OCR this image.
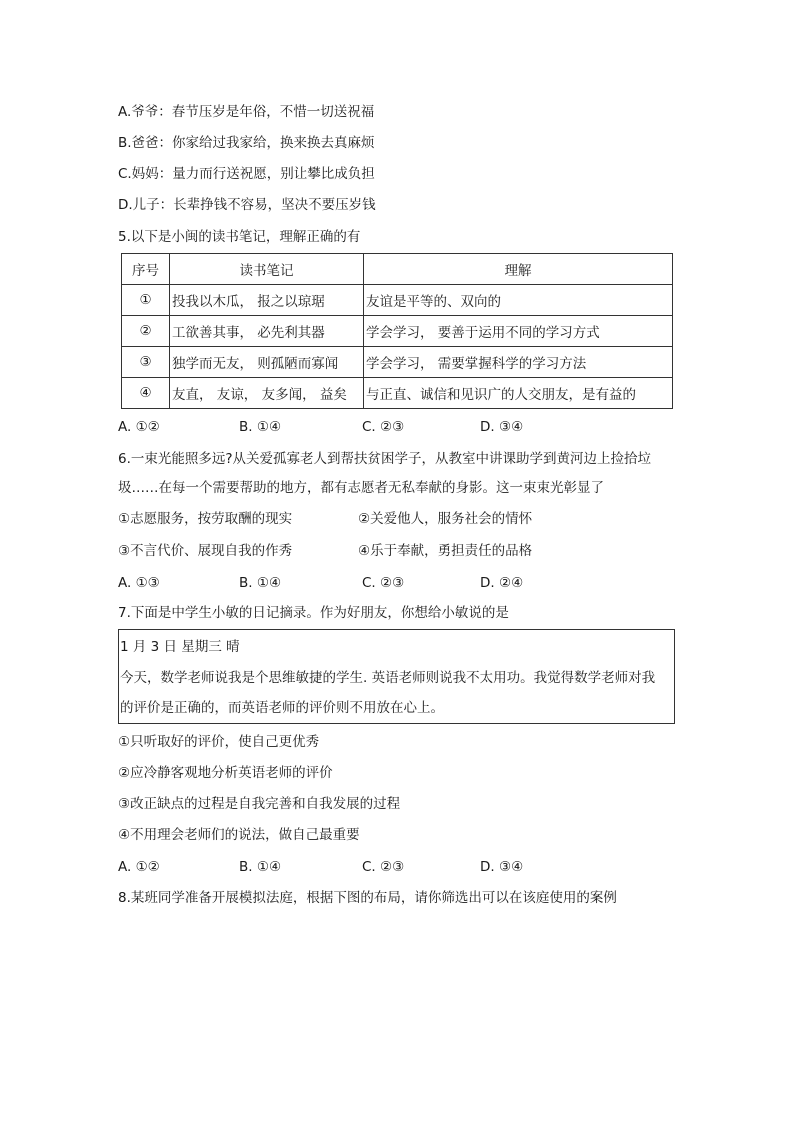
A.爷爷：春节压岁是年俗，不惜一切送祝福
B.爸爸：你家给过我家给，换来换去真麻烦
C.妈妈：量力而行送祝愿，别让攀比成负担
D.儿子：长辈挣钱不容易，坚决不要压岁钱
5.以下是小闽的读书笔记，理解正确的有
序号	读书笔记	理解
①	投我以木瓜， 报之以琼琚	友谊是平等的、双向的
②	工欲善其事， 必先利其器	学会学习， 要善于运用不同的学习方式
③	独学而无友， 则孤陋而寡闻	学会学习， 需要掌握科学的学习方法
④	友直， 友谅， 友多闻， 益矣	与正直、诚信和见识广的人交朋友，是有益的
A. ①②	B. ①④	C. ②③	D. ③④
6.一束光能照多远?从关爱孤寡老人到帮扶贫困学子，从教室中讲课助学到黄河边上捡拾垃
圾……在每一个需要帮助的地方，都有志愿者无私奉献的身影。这一束束光彰显了
①志愿服务，按劳取酬的现实	②关爱他人，服务社会的情怀
③不言代价、展现自我的作秀	④乐于奉献，勇担责任的品格
A. ①③	B. ①④	C. ②③	D. ②④
7.下面是中学生小敏的日记摘录。作为好朋友，你想给小敏说的是
1 月 3 日 星期三 晴
今天，数学老师说我是个思维敏捷的学生. 英语老师则说我不太用功。我觉得数学老师对我
的评价是正确的，而英语老师的评价则不用放在心上。
①只听取好的评价，使自己更优秀
②应冷静客观地分析英语老师的评价
③改正缺点的过程是自我完善和自我发展的过程
④不用理会老师们的说法，做自己最重要
A. ①②	B. ①④	C. ②③	D. ③④
8.某班同学准备开展模拟法庭，根据下图的布局，请你筛选出可以在该庭使用的案例
